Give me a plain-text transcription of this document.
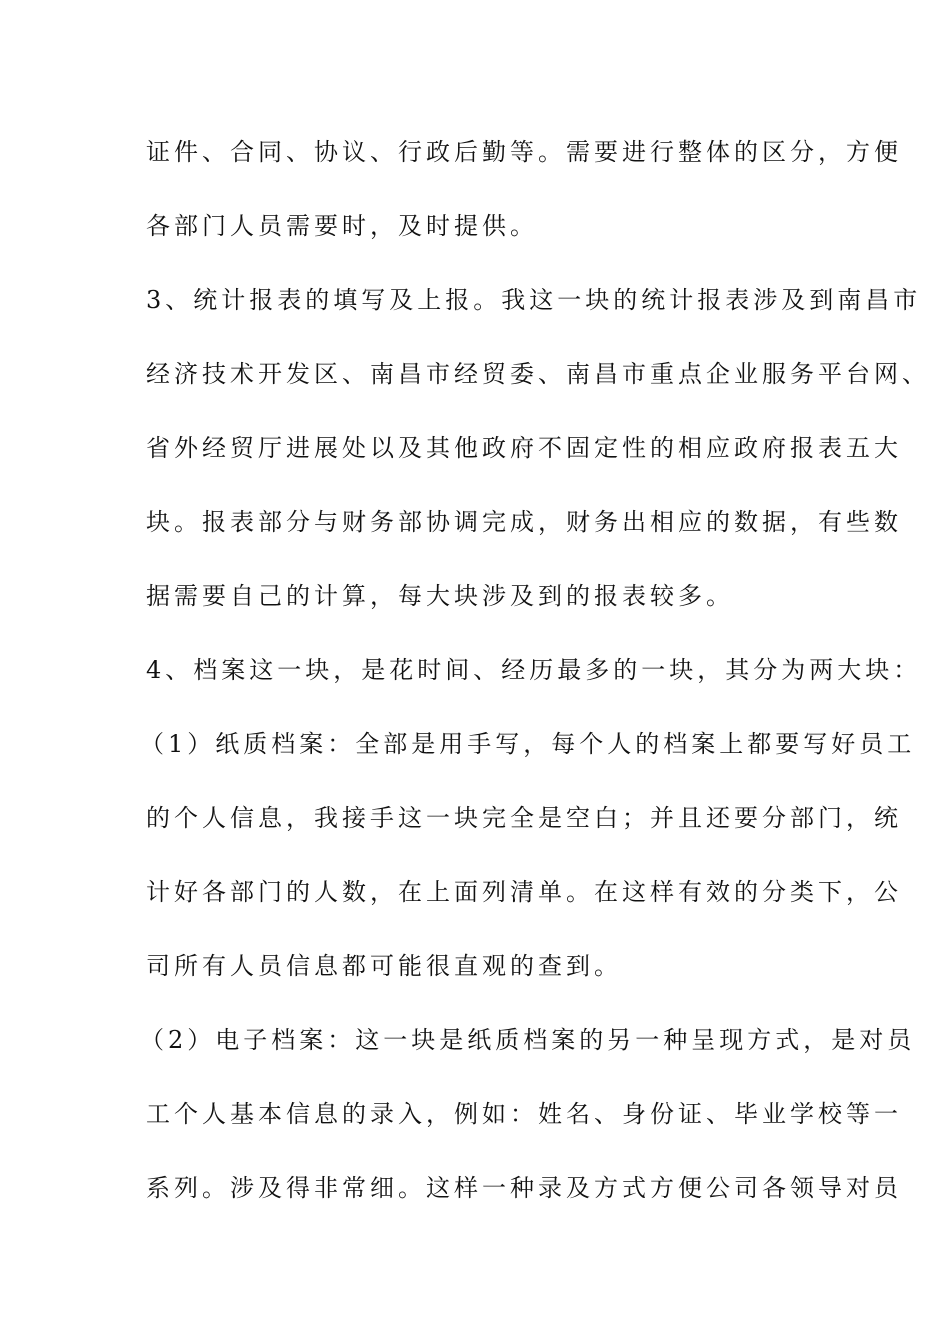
证件、合同、协议、行政后勤等。需要进行整体的区分，方便
各部门人员需要时，及时提供。
3、统计报表的填写及上报。我这一块的统计报表涉及到南昌市
经济技术开发区、南昌市经贸委、南昌市重点企业服务平台网、
省外经贸厅进展处以及其他政府不固定性的相应政府报表五大
块。报表部分与财务部协调完成，财务出相应的数据，有些数
据需要自己的计算，每大块涉及到的报表较多。
4、档案这一块，是花时间、经历最多的一块，其分为两大块：
（1）纸质档案：全部是用手写，每个人的档案上都要写好员工
的个人信息，我接手这一块完全是空白；并且还要分部门，统
计好各部门的人数，在上面列清单。在这样有效的分类下，公
司所有人员信息都可能很直观的查到。
（2）电子档案：这一块是纸质档案的另一种呈现方式，是对员
工个人基本信息的录入，例如：姓名、身份证、毕业学校等一
系列。涉及得非常细。这样一种录及方式方便公司各领导对员
